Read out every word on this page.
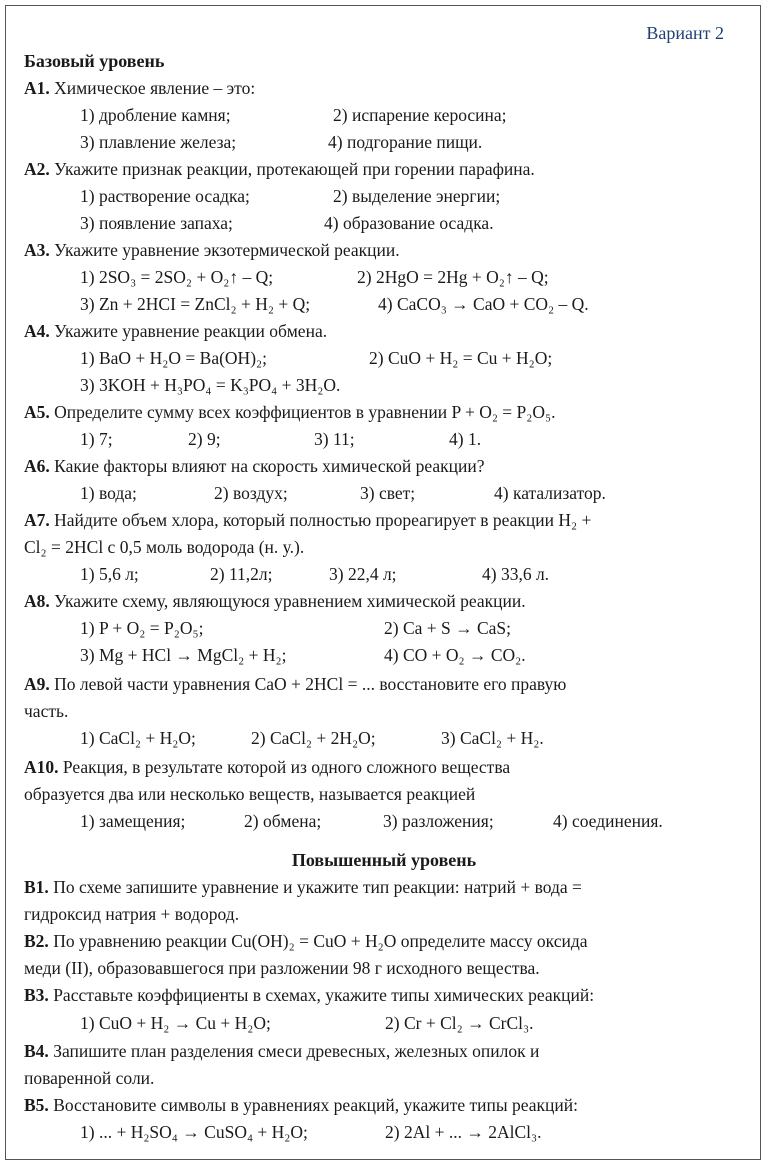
Вариант 2
Базовый уровень
А1. Химическое явление – это:
1) дробление камня;	2) испарение керосина;
3) плавление железа;	4) подгорание пищи.
А2. Укажите признак реакции, протекающей при горении парафина.
1) растворение осадка;	2) выделение энергии;
3) появление запаха;	4) образование осадка.
А3. Укажите уравнение экзотермической реакции.
1) 2SO₃ = 2SO₂ + O₂↑ – Q;	2) 2HgO = 2Hg + O₂↑ – Q;
3) Zn + 2HCI = ZnCl₂ + H₂ + Q;	4) CaCO₃ → CaO + CO₂ – Q.
А4. Укажите уравнение реакции обмена.
1) BaO + H₂O = Ba(OH)₂;	2) CuO + H₂ = Cu + H₂O;
3) 3KOH + H₃PO₄ = K₃PO₄ + 3H₂O.
А5. Определите сумму всех коэффициентов в уравнении P + O₂ = P₂O₅.
1) 7;	2) 9;	3) 11;	4) 1.
А6. Какие факторы влияют на скорость химической реакции?
1) вода;	2) воздух;	3) свет;	4) катализатор.
А7. Найдите объем хлора, который полностью прореагирует в реакции H₂ +
Cl₂ = 2HCl с 0,5 моль водорода (н. у.).
1) 5,6 л;	2) 11,2л;	3) 22,4 л;	4) 33,6 л.
А8. Укажите схему, являющуюся уравнением химической реакции.
1) P + O₂ = P₂O₅;	2) Ca + S → CaS;
3) Mg + HCl → MgCl₂ + H₂;	4) CO + O₂ → CO₂.
А9. По левой части уравнения CaO + 2HCl = ... восстановите его правую
часть.
1) CaCl₂ + H₂O;	2) CaCl₂ + 2H₂O;	3) CaCl₂ + H₂.
А10. Реакция, в результате которой из одного сложного вещества
образуется два или несколько веществ, называется реакцией
1) замещения;	2) обмена;	3) разложения;	4) соединения.
Повышенный уровень
В1. По схеме запишите уравнение и укажите тип реакции: натрий + вода =
гидроксид натрия + водород.
В2. По уравнению реакции Cu(OH)₂ = CuO + H₂O определите массу оксида
меди (II), образовавшегося при разложении 98 г исходного вещества.
В3. Расставьте коэффициенты в схемах, укажите типы химических реакций:
1) CuO + H₂ → Cu + H₂O;	2) Cr + Cl₂ → CrCl₃.
В4. Запишите план разделения смеси древесных, железных опилок и
поваренной соли.
В5. Восстановите символы в уравнениях реакций, укажите типы реакций:
1) ... + H₂SO₄ → CuSO₄ + H₂O;	2) 2Al + ... → 2AlCl₃.
